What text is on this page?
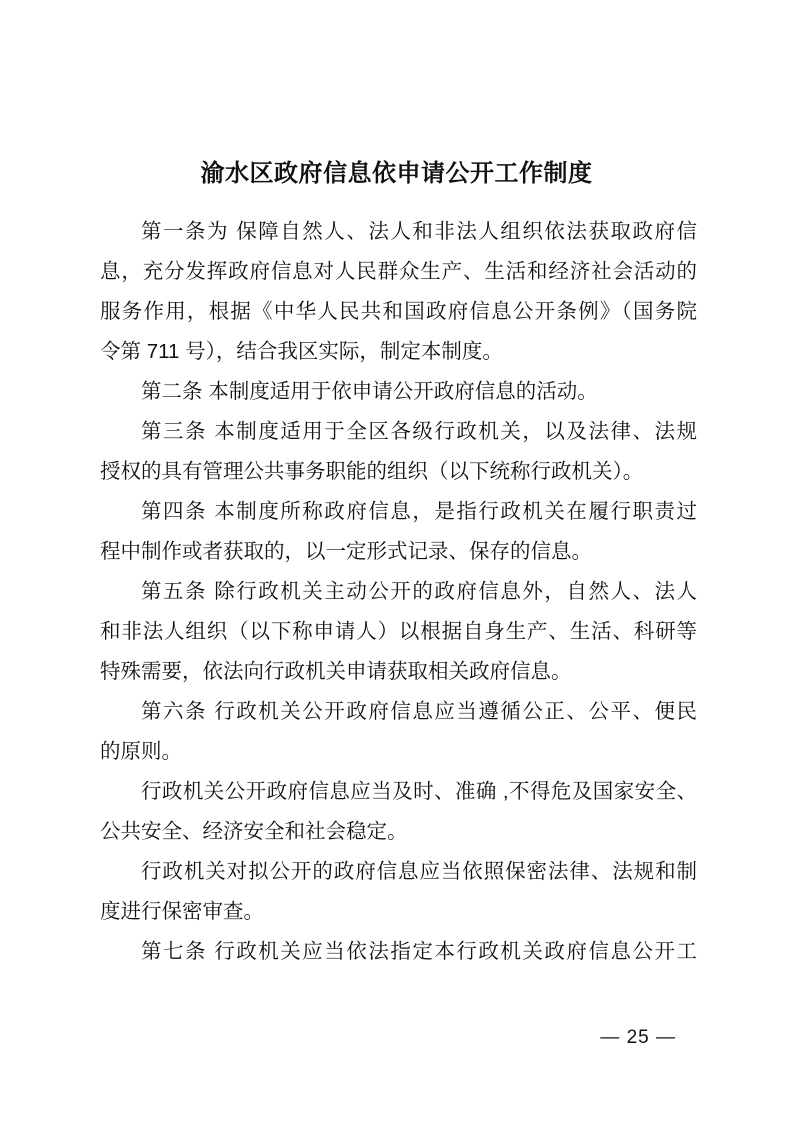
渝水区政府信息依申请公开工作制度
第一条为 保障自然人、法人和非法人组织依法获取政府信
息，充分发挥政府信息对人民群众生产、生活和经济社会活动的
服务作用，根据《中华人民共和国政府信息公开条例》（国务院
令第 711 号），结合我区实际，制定本制度。
第二条 本制度适用于依申请公开政府信息的活动。
第三条 本制度适用于全区各级行政机关，以及法律、法规
授权的具有管理公共事务职能的组织（以下统称行政机关）。
第四条 本制度所称政府信息，是指行政机关在履行职责过
程中制作或者获取的，以一定形式记录、保存的信息。
第五条 除行政机关主动公开的政府信息外，自然人、法人
和非法人组织（以下称申请人）以根据自身生产、生活、科研等
特殊需要，依法向行政机关申请获取相关政府信息。
第六条 行政机关公开政府信息应当遵循公正、公平、便民
的原则。
行政机关公开政府信息应当及时、准确 ,不得危及国家安全、
公共安全、经济安全和社会稳定。
行政机关对拟公开的政府信息应当依照保密法律、法规和制
度进行保密审查。
第七条 行政机关应当依法指定本行政机关政府信息公开工
— 25 —
